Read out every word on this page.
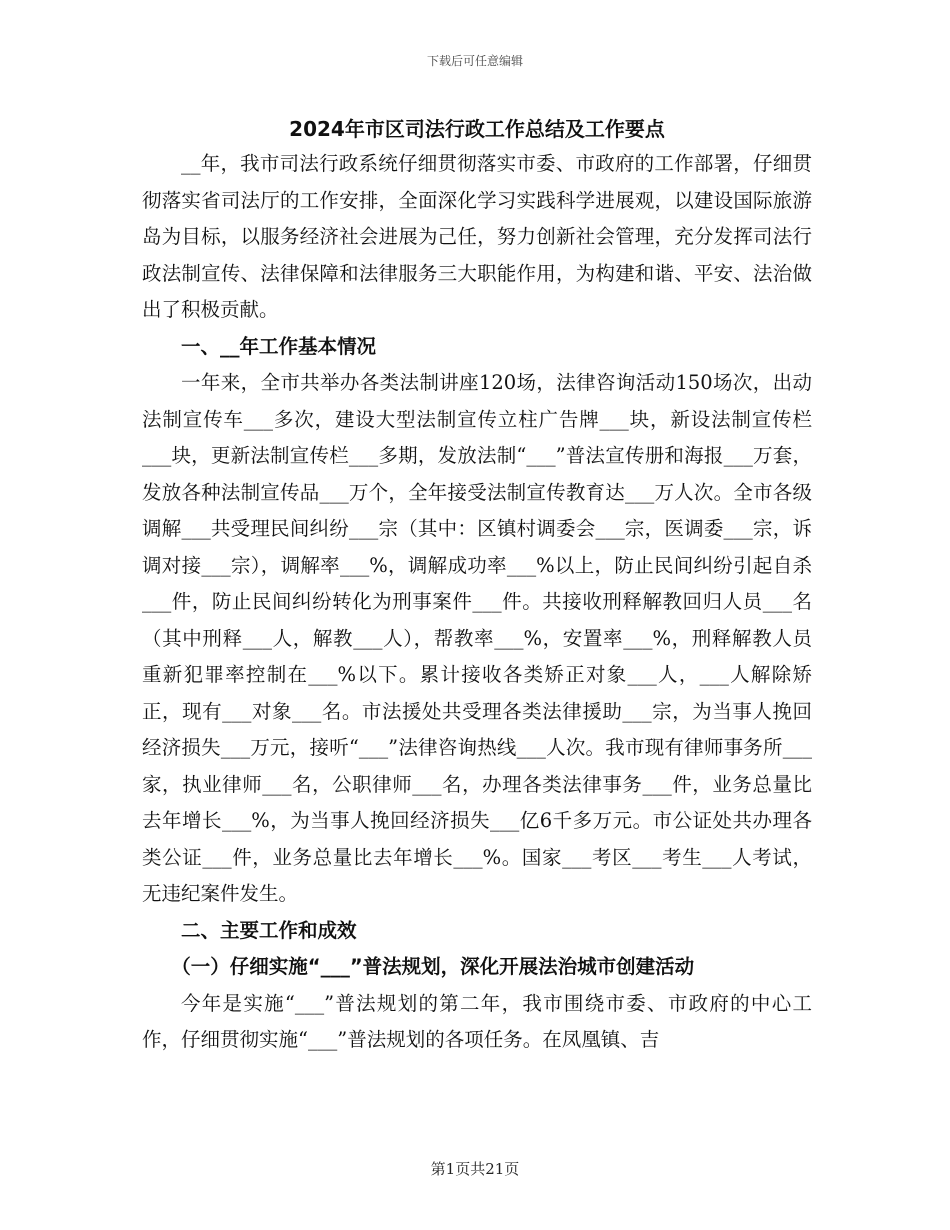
下载后可任意编辑
2024年市区司法行政工作总结及工作要点

__年，我市司法行政系统仔细贯彻落实市委、市政府的工作部署，仔细贯彻落实省司法厅的工作安排，全面深化学习实践科学进展观，以建设国际旅游岛为目标，以服务经济社会进展为己任，努力创新社会管理，充分发挥司法行政法制宣传、法律保障和法律服务三大职能作用，为构建和谐、平安、法治做出了积极贡献。

一、__年工作基本情况

一年来，全市共举办各类法制讲座120场，法律咨询活动150场次，出动法制宣传车___多次，建设大型法制宣传立柱广告牌___块，新设法制宣传栏___块，更新法制宣传栏___多期，发放法制“___”普法宣传册和海报___万套，发放各种法制宣传品___万个，全年接受法制宣传教育达___万人次。全市各级调解___共受理民间纠纷___宗（其中：区镇村调委会___宗，医调委___宗，诉调对接___宗），调解率___%，调解成功率___%以上，防止民间纠纷引起自杀___件，防止民间纠纷转化为刑事案件___件。共接收刑释解教回归人员___名（其中刑释___人，解教___人），帮教率___%，安置率___%，刑释解教人员重新犯罪率控制在___%以下。累计接收各类矫正对象___人，___人解除矫正，现有___对象___名。市法援处共受理各类法律援助___宗，为当事人挽回经济损失___万元，接听“___”法律咨询热线___人次。我市现有律师事务所___家，执业律师___名，公职律师___名，办理各类法律事务___件，业务总量比去年增长___%，为当事人挽回经济损失___亿6千多万元。市公证处共办理各类公证___件，业务总量比去年增长___%。国家___考区___考生___人考试，无违纪案件发生。

二、主要工作和成效

（一）仔细实施“___”普法规划，深化开展法治城市创建活动

今年是实施“___”普法规划的第二年，我市围绕市委、市政府的中心工作，仔细贯彻实施“___”普法规划的各项任务。在凤凰镇、吉

第1页共21页
